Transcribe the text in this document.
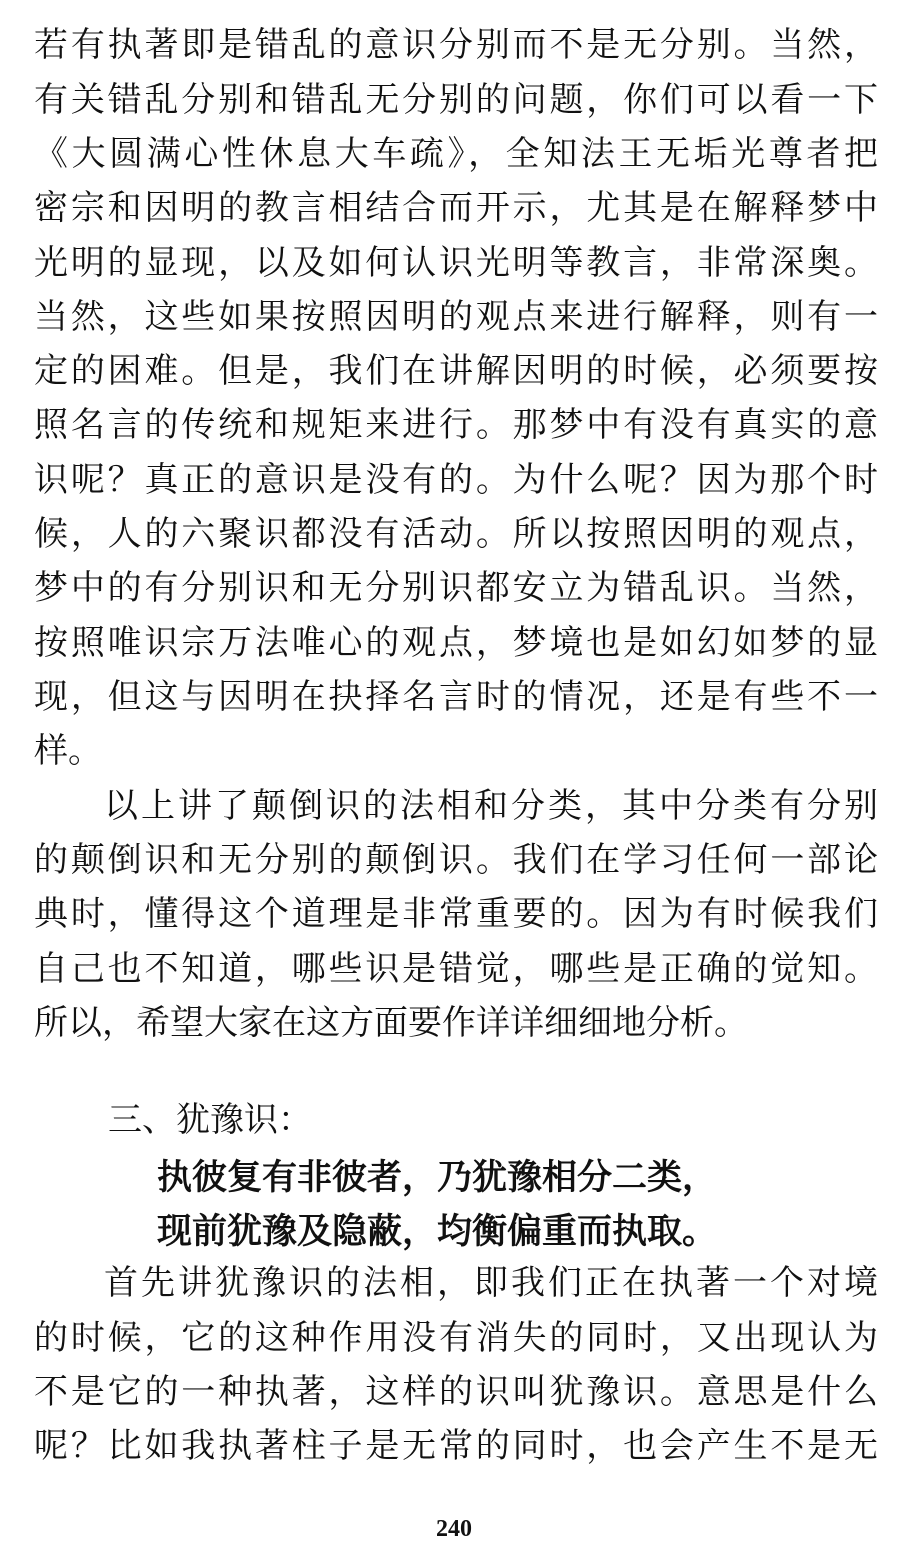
若有执著即是错乱的意识分别而不是无分别。当然，
有关错乱分别和错乱无分别的问题，你们可以看一下
《大圆满心性休息大车疏》，全知法王无垢光尊者把
密宗和因明的教言相结合而开示，尤其是在解释梦中
光明的显现，以及如何认识光明等教言，非常深奥。
当然，这些如果按照因明的观点来进行解释，则有一
定的困难。但是，我们在讲解因明的时候，必须要按
照名言的传统和规矩来进行。那梦中有没有真实的意
识呢？真正的意识是没有的。为什么呢？因为那个时
候，人的六聚识都没有活动。所以按照因明的观点，
梦中的有分别识和无分别识都安立为错乱识。当然，
按照唯识宗万法唯心的观点，梦境也是如幻如梦的显
现，但这与因明在抉择名言时的情况，还是有些不一
样。
以上讲了颠倒识的法相和分类，其中分类有分别
的颠倒识和无分别的颠倒识。我们在学习任何一部论
典时，懂得这个道理是非常重要的。因为有时候我们
自己也不知道，哪些识是错觉，哪些是正确的觉知。
所以，希望大家在这方面要作详详细细地分析。
三、犹豫识：
执彼复有非彼者，乃犹豫相分二类，
现前犹豫及隐蔽，均衡偏重而执取。
首先讲犹豫识的法相，即我们正在执著一个对境
的时候，它的这种作用没有消失的同时，又出现认为
不是它的一种执著，这样的识叫犹豫识。意思是什么
呢？比如我执著柱子是无常的同时，也会产生不是无
240
